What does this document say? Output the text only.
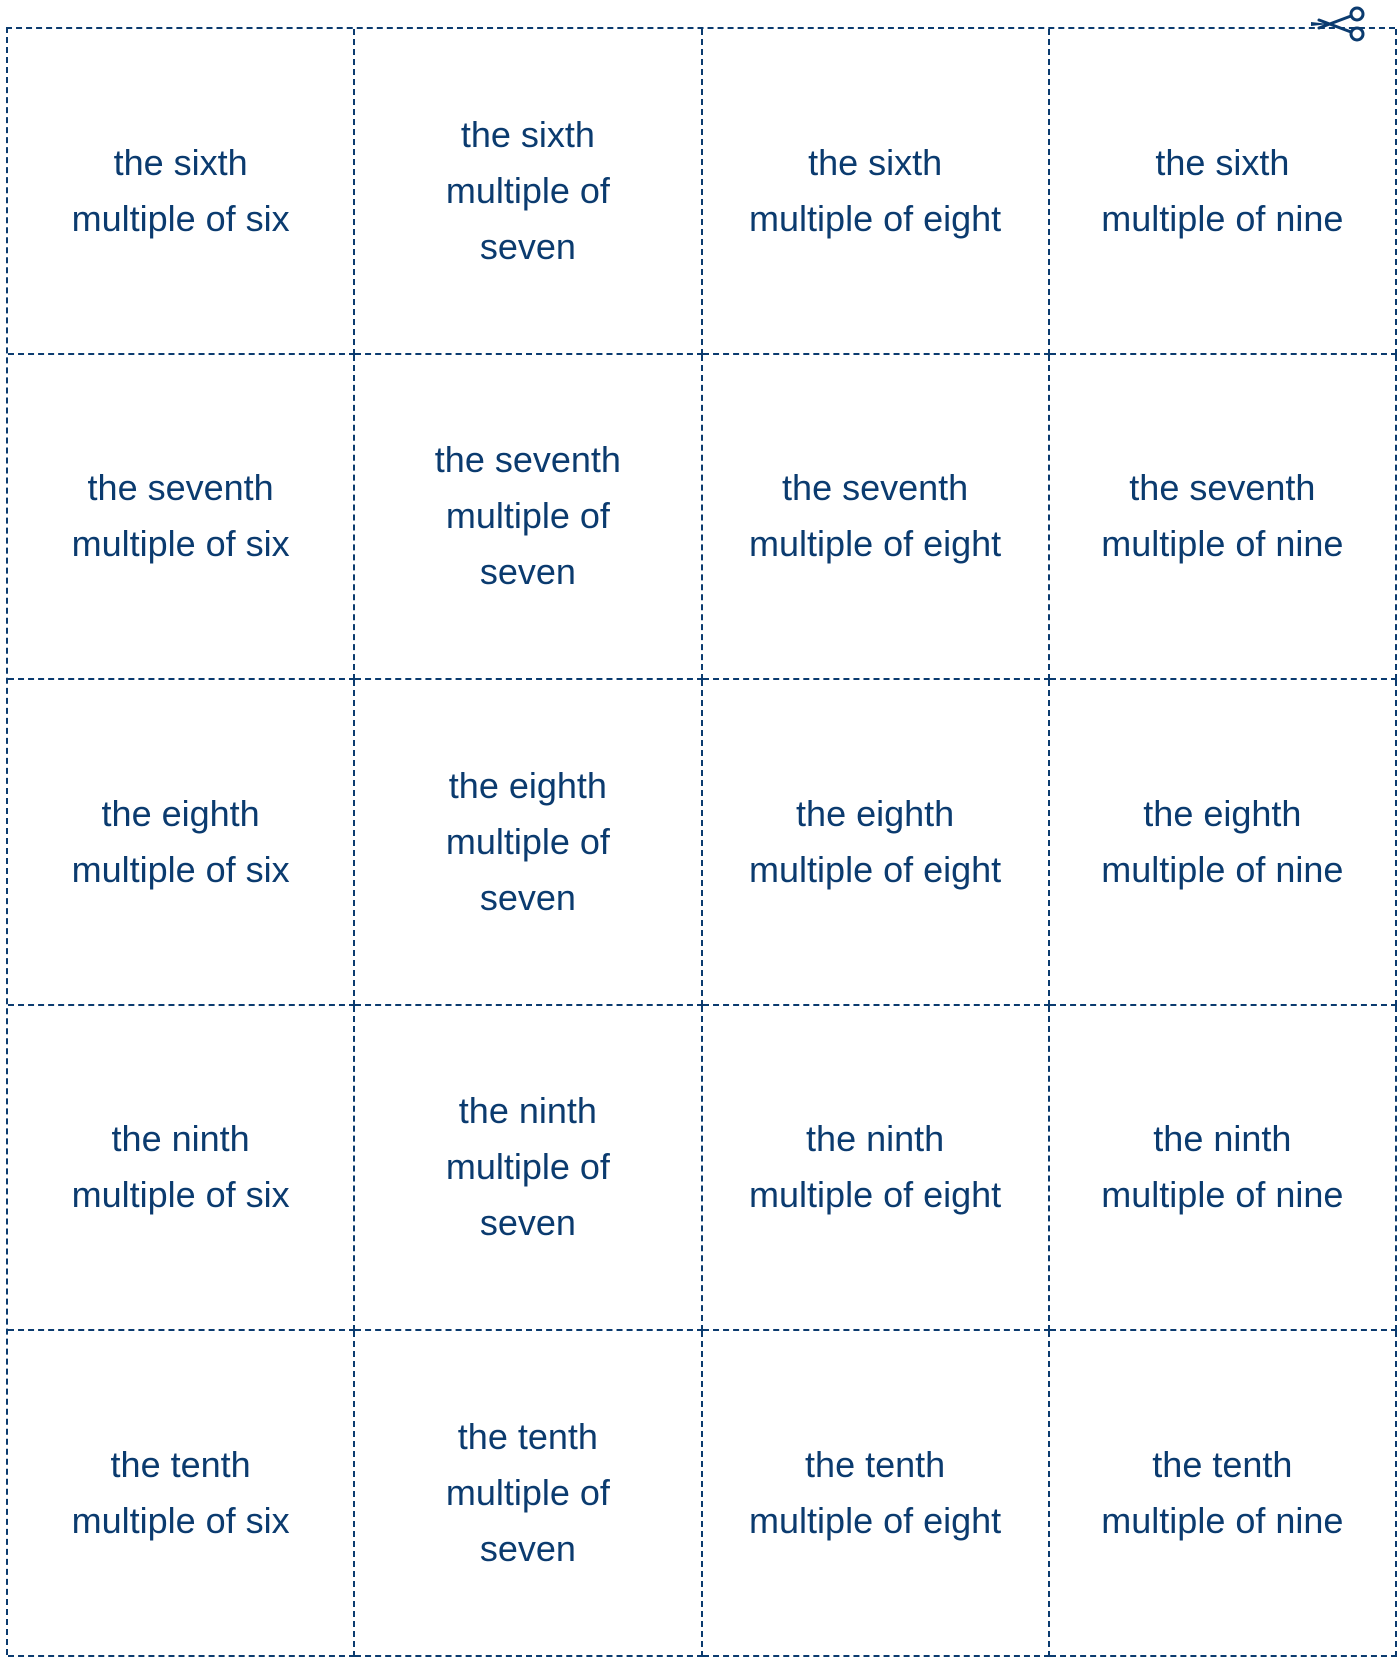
the sixth
multiple of six
the sixth
multiple of
seven
the sixth
multiple of eight
the sixth
multiple of nine
the seventh
multiple of six
the seventh
multiple of
seven
the seventh
multiple of eight
the seventh
multiple of nine
the eighth
multiple of six
the eighth
multiple of
seven
the eighth
multiple of eight
the eighth
multiple of nine
the ninth
multiple of six
the ninth
multiple of
seven
the ninth
multiple of eight
the ninth
multiple of nine
the tenth
multiple of six
the tenth
multiple of
seven
the tenth
multiple of eight
the tenth
multiple of nine
